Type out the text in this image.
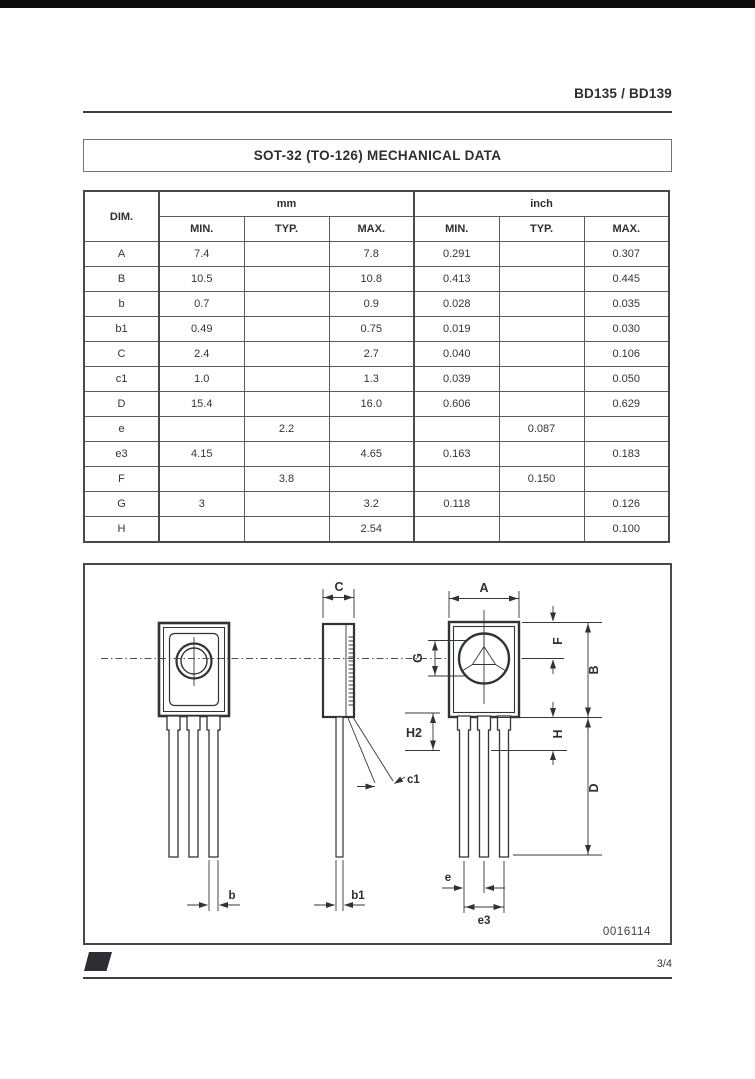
BD135 / BD139
SOT-32 (TO-126) MECHANICAL DATA
DIM.	mm			inch		
	MIN.	TYP.	MAX.	MIN.	TYP.	MAX.
A	7.4		7.8	0.291		0.307
B	10.5		10.8	0.413		0.445
b	0.7		0.9	0.028		0.035
b1	0.49		0.75	0.019		0.030
C	2.4		2.7	0.040		0.106
c1	1.0		1.3	0.039		0.050
D	15.4		16.0	0.606		0.629
e		2.2			0.087	
e3	4.15		4.65	0.163		0.183
F		3.8			0.150	
G	3		3.2	0.118		0.126
H			2.54			0.100
C	A
G
F
B
H
H2
D
c1
e
e3
b	b1
0016114
ST	3/4
